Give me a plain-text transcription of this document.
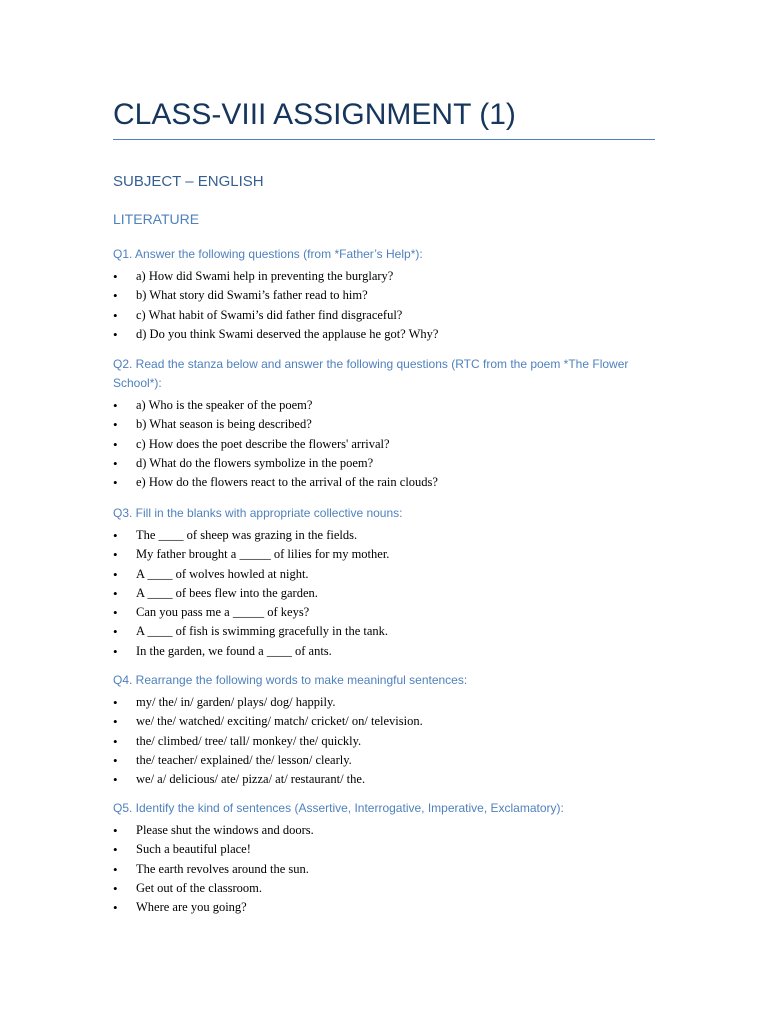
CLASS-VIII ASSIGNMENT (1)
SUBJECT – ENGLISH
LITERATURE

Q1. Answer the following questions (from *Father’s Help*):

• a) How did Swami help in preventing the burglary?
• b) What story did Swami’s father read to him?
• c) What habit of Swami’s did father find disgraceful?
• d) Do you think Swami deserved the applause he got? Why?

Q2. Read the stanza below and answer the following questions (RTC from the poem *The Flower School*):

• a) Who is the speaker of the poem?
• b) What season is being described?
• c) How does the poet describe the flowers' arrival?
• d) What do the flowers symbolize in the poem?
• e) How do the flowers react to the arrival of the rain clouds?

Q3. Fill in the blanks with appropriate collective nouns:

• The ____ of sheep was grazing in the fields.
• My father brought a _____ of lilies for my mother.
• A ____ of wolves howled at night.
• A ____ of bees flew into the garden.
• Can you pass me a _____ of keys?
• A ____ of fish is swimming gracefully in the tank.
• In the garden, we found a ____ of ants.

Q4. Rearrange the following words to make meaningful sentences:

• my/ the/ in/ garden/ plays/ dog/ happily.
• we/ the/ watched/ exciting/ match/ cricket/ on/ television.
• the/ climbed/ tree/ tall/ monkey/ the/ quickly.
• the/ teacher/ explained/ the/ lesson/ clearly.
• we/ a/ delicious/ ate/ pizza/ at/ restaurant/ the.

Q5. Identify the kind of sentences (Assertive, Interrogative, Imperative, Exclamatory):

• Please shut the windows and doors.
• Such a beautiful place!
• The earth revolves around the sun.
• Get out of the classroom.
• Where are you going?
